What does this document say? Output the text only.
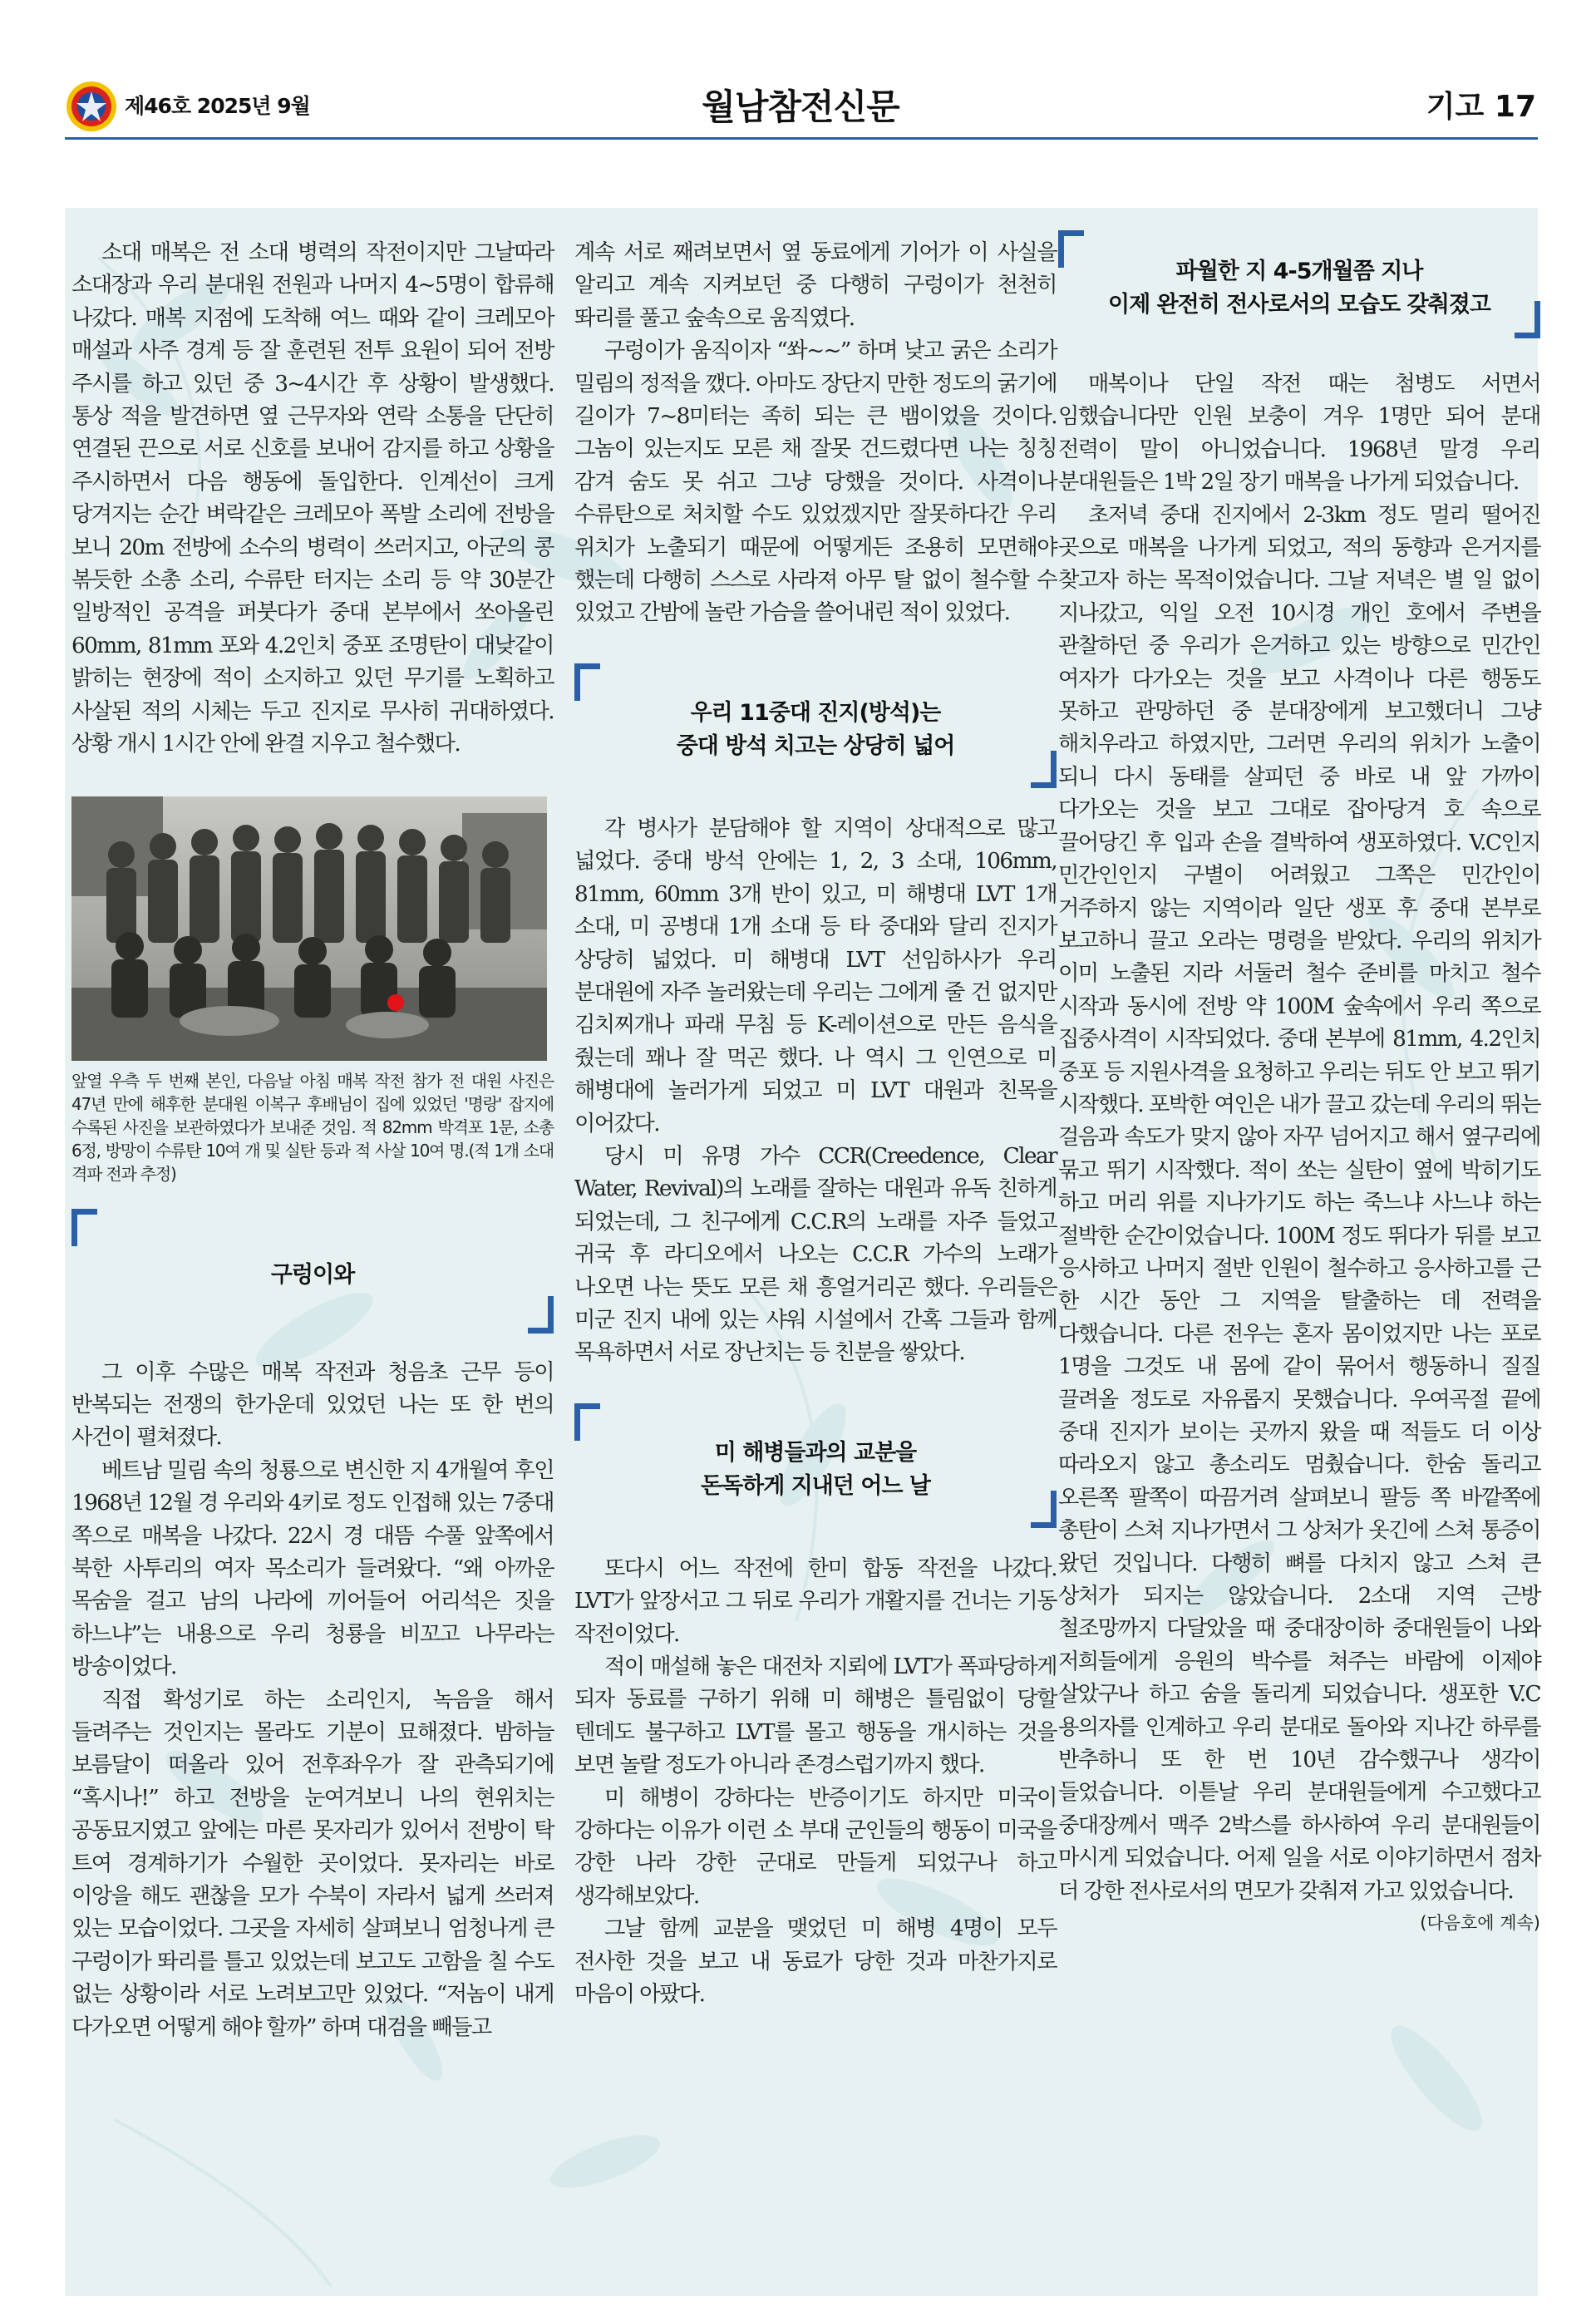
제46호 2025년 9월	월남참전신문	기고 17

소대 매복은 전 소대 병력의 작전이지만 그날따라 소대장과 우리 분대원 전원과 나머지 4~5명이 합류해 나갔다. 매복 지점에 도착해 여느 때와 같이 크레모아 매설과 사주 경계 등 잘 훈련된 전투 요원이 되어 전방 주시를 하고 있던 중 3~4시간 후 상황이 발생했다. 통상 적을 발견하면 옆 근무자와 연락 소통을 단단히 연결된 끈으로 서로 신호를 보내어 감지를 하고 상황을 주시하면서 다음 행동에 돌입한다. 인계선이 크게 당겨지는 순간 벼락같은 크레모아 폭발 소리에 전방을 보니 20m 전방에 소수의 병력이 쓰러지고, 아군의 콩 볶듯한 소총 소리, 수류탄 터지는 소리 등 약 30분간 일방적인 공격을 퍼붓다가 중대 본부에서 쏘아올린 60mm, 81mm 포와 4.2인치 중포 조명탄이 대낮같이 밝히는 현장에 적이 소지하고 있던 무기를 노획하고 사살된 적의 시체는 두고 진지로 무사히 귀대하였다. 상황 개시 1시간 안에 완결 지우고 철수했다.

앞열 우측 두 번째 본인, 다음날 아침 매복 작전 참가 전 대원 사진은 47년 만에 해후한 분대원 이복구 후배님이 집에 있었던 '명랑' 잡지에 수록된 사진을 보관하였다가 보내준 것임. 적 82mm 박격포 1문, 소총 6정, 방망이 수류탄 10여 개 및 실탄 등과 적 사살 10여 명.(적 1개 소대 격파 전과 추정)
구렁이와

그 이후 수많은 매복 작전과 청음초 근무 등이 반복되는 전쟁의 한가운데 있었던 나는 또 한 번의 사건이 펼쳐졌다.

베트남 밀림 속의 청룡으로 변신한 지 4개월여 후인 1968년 12월 경 우리와 4키로 정도 인접해 있는 7중대 쪽으로 매복을 나갔다. 22시 경 대뜸 수풀 앞쪽에서 북한 사투리의 여자 목소리가 들려왔다. “왜 아까운 목숨을 걸고 남의 나라에 끼어들어 어리석은 짓을 하느냐”는 내용으로 우리 청룡을 비꼬고 나무라는 방송이었다.

직접 확성기로 하는 소리인지, 녹음을 해서 들려주는 것인지는 몰라도 기분이 묘해졌다. 밤하늘 보름달이 떠올라 있어 전후좌우가 잘 관측되기에 “혹시나!” 하고 전방을 눈여겨보니 나의 현위치는 공동묘지였고 앞에는 마른 못자리가 있어서 전방이 탁 트여 경계하기가 수월한 곳이었다. 못자리는 바로 이앙을 해도 괜찮을 모가 수북이 자라서 넓게 쓰러져 있는 모습이었다. 그곳을 자세히 살펴보니 엄청나게 큰 구렁이가 똬리를 틀고 있었는데 보고도 고함을 칠 수도 없는 상황이라 서로 노려보고만 있었다. “저놈이 내게 다가오면 어떻게 해야 할까” 하며 대검을 빼들고

계속 서로 째려보면서 옆 동료에게 기어가 이 사실을 알리고 계속 지켜보던 중 다행히 구렁이가 천천히 똬리를 풀고 숲속으로 움직였다.

구렁이가 움직이자 “쏴~~” 하며 낮고 굵은 소리가 밀림의 정적을 깼다. 아마도 장단지 만한 정도의 굵기에 길이가 7~8미터는 족히 되는 큰 뱀이었을 것이다. 그놈이 있는지도 모른 채 잘못 건드렸다면 나는 칭칭 감겨 숨도 못 쉬고 그냥 당했을 것이다. 사격이나 수류탄으로 처치할 수도 있었겠지만 잘못하다간 우리 위치가 노출되기 때문에 어떻게든 조용히 모면해야 했는데 다행히 스스로 사라져 아무 탈 없이 철수할 수 있었고 간밤에 놀란 가슴을 쓸어내린 적이 있었다.

우리 11중대 진지(방석)는
중대 방석 치고는 상당히 넓어

각 병사가 분담해야 할 지역이 상대적으로 많고 넓었다. 중대 방석 안에는 1, 2, 3 소대, 106mm, 81mm, 60mm 3개 반이 있고, 미 해병대 LVT 1개 소대, 미 공병대 1개 소대 등 타 중대와 달리 진지가 상당히 넓었다. 미 해병대 LVT 선임하사가 우리 분대원에 자주 놀러왔는데 우리는 그에게 줄 건 없지만 김치찌개나 파래 무침 등 K-레이션으로 만든 음식을 줬는데 꽤나 잘 먹곤 했다. 나 역시 그 인연으로 미 해병대에 놀러가게 되었고 미 LVT 대원과 친목을 이어갔다.

당시 미 유명 가수 CCR(Creedence, Clear Water, Revival)의 노래를 잘하는 대원과 유독 친하게 되었는데, 그 친구에게 C.C.R의 노래를 자주 들었고 귀국 후 라디오에서 나오는 C.C.R 가수의 노래가 나오면 나는 뜻도 모른 채 흥얼거리곤 했다. 우리들은 미군 진지 내에 있는 샤워 시설에서 간혹 그들과 함께 목욕하면서 서로 장난치는 등 친분을 쌓았다.

미 해병들과의 교분을
돈독하게 지내던 어느 날

또다시 어느 작전에 한미 합동 작전을 나갔다. LVT가 앞장서고 그 뒤로 우리가 개활지를 건너는 기동 작전이었다.

적이 매설해 놓은 대전차 지뢰에 LVT가 폭파당하게 되자 동료를 구하기 위해 미 해병은 틀림없이 당할 텐데도 불구하고 LVT를 몰고 행동을 개시하는 것을 보면 놀랄 정도가 아니라 존경스럽기까지 했다.

미 해병이 강하다는 반증이기도 하지만 미국이 강하다는 이유가 이런 소 부대 군인들의 행동이 미국을 강한 나라 강한 군대로 만들게 되었구나 하고 생각해보았다.

그날 함께 교분을 맺었던 미 해병 4명이 모두 전사한 것을 보고 내 동료가 당한 것과 마찬가지로 마음이 아팠다.

파월한 지 4-5개월쯤 지나
이제 완전히 전사로서의 모습도 갖춰졌고

매복이나 단일 작전 때는 첨병도 서면서 임했습니다만 인원 보충이 겨우 1명만 되어 분대 전력이 말이 아니었습니다. 1968년 말경 우리 분대원들은 1박 2일 장기 매복을 나가게 되었습니다.

초저녁 중대 진지에서 2-3km 정도 멀리 떨어진 곳으로 매복을 나가게 되었고, 적의 동향과 은거지를 찾고자 하는 목적이었습니다. 그날 저녁은 별 일 없이 지나갔고, 익일 오전 10시경 개인 호에서 주변을 관찰하던 중 우리가 은거하고 있는 방향으로 민간인 여자가 다가오는 것을 보고 사격이나 다른 행동도 못하고 관망하던 중 분대장에게 보고했더니 그냥 해치우라고 하였지만, 그러면 우리의 위치가 노출이 되니 다시 동태를 살피던 중 바로 내 앞 가까이 다가오는 것을 보고 그대로 잡아당겨 호 속으로 끌어당긴 후 입과 손을 결박하여 생포하였다. V.C인지 민간인인지 구별이 어려웠고 그쪽은 민간인이 거주하지 않는 지역이라 일단 생포 후 중대 본부로 보고하니 끌고 오라는 명령을 받았다. 우리의 위치가 이미 노출된 지라 서둘러 철수 준비를 마치고 철수 시작과 동시에 전방 약 100M 숲속에서 우리 쪽으로 집중사격이 시작되었다. 중대 본부에 81mm, 4.2인치 중포 등 지원사격을 요청하고 우리는 뒤도 안 보고 뛰기 시작했다. 포박한 여인은 내가 끌고 갔는데 우리의 뛰는 걸음과 속도가 맞지 않아 자꾸 넘어지고 해서 옆구리에 묶고 뛰기 시작했다. 적이 쏘는 실탄이 옆에 박히기도 하고 머리 위를 지나가기도 하는 죽느냐 사느냐 하는 절박한 순간이었습니다. 100M 정도 뛰다가 뒤를 보고 응사하고 나머지 절반 인원이 철수하고 응사하고를 근 한 시간 동안 그 지역을 탈출하는 데 전력을 다했습니다. 다른 전우는 혼자 몸이었지만 나는 포로 1명을 그것도 내 몸에 같이 묶어서 행동하니 질질 끌려올 정도로 자유롭지 못했습니다. 우여곡절 끝에 중대 진지가 보이는 곳까지 왔을 때 적들도 더 이상 따라오지 않고 총소리도 멈췄습니다. 한숨 돌리고 오른쪽 팔쪽이 따끔거려 살펴보니 팔등 쪽 바깥쪽에 총탄이 스쳐 지나가면서 그 상처가 옷긴에 스쳐 통증이 왔던 것입니다. 다행히 뼈를 다치지 않고 스쳐 큰 상처가 되지는 않았습니다. 2소대 지역 근방 철조망까지 다달았을 때 중대장이하 중대원들이 나와 저희들에게 응원의 박수를 쳐주는 바람에 이제야 살았구나 하고 숨을 돌리게 되었습니다. 생포한 V.C 용의자를 인계하고 우리 분대로 돌아와 지나간 하루를 반추하니 또 한 번 10년 감수했구나 생각이 들었습니다. 이튿날 우리 분대원들에게 수고했다고 중대장께서 맥주 2박스를 하사하여 우리 분대원들이 마시게 되었습니다. 어제 일을 서로 이야기하면서 점차 더 강한 전사로서의 면모가 갖춰져 가고 있었습니다.

(다음호에 계속)
